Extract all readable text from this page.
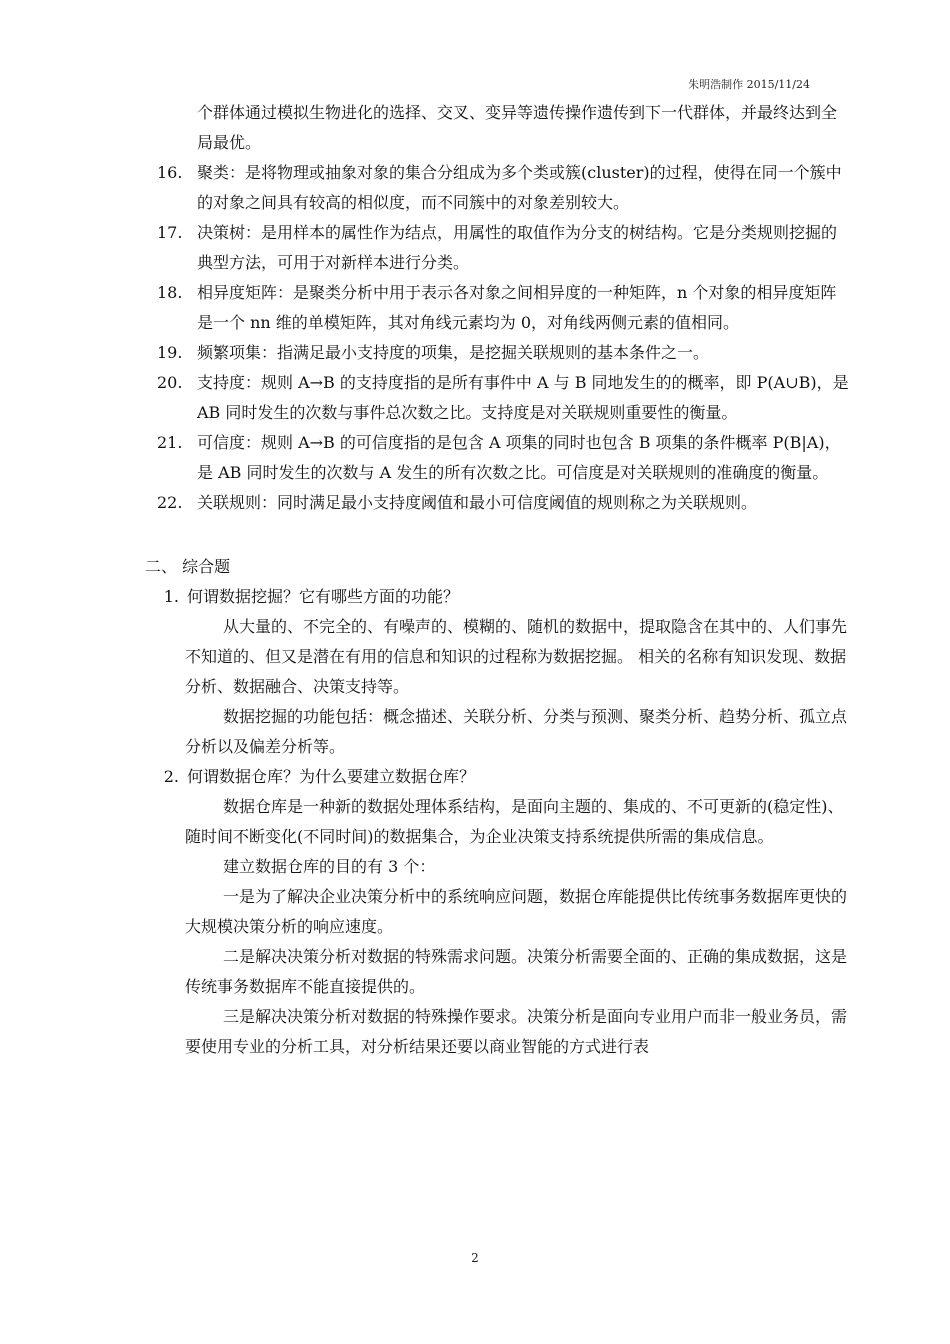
朱明浩制作 2015/11/24
个群体通过模拟生物进化的选择、交叉、变异等遗传操作遗传到下一代群体，并最终达到全局最优。
16. 聚类：是将物理或抽象对象的集合分组成为多个类或簇(cluster)的过程，使得在同一个簇中的对象之间具有较高的相似度，而不同簇中的对象差别较大。
17. 决策树：是用样本的属性作为结点，用属性的取值作为分支的树结构。它是分类规则挖掘的典型方法，可用于对新样本进行分类。
18. 相异度矩阵：是聚类分析中用于表示各对象之间相异度的一种矩阵，n 个对象的相异度矩阵是一个 nn 维的单模矩阵，其对角线元素均为 0，对角线两侧元素的值相同。
19. 频繁项集：指满足最小支持度的项集，是挖掘关联规则的基本条件之一。
20. 支持度：规则 A→B 的支持度指的是所有事件中 A 与 B 同地发生的的概率，即 P(A∪B)，是 AB 同时发生的次数与事件总次数之比。支持度是对关联规则重要性的衡量。
21. 可信度：规则 A→B 的可信度指的是包含 A 项集的同时也包含 B 项集的条件概率 P(B|A)，是 AB 同时发生的次数与 A 发生的所有次数之比。可信度是对关联规则的准确度的衡量。
22. 关联规则：同时满足最小支持度阈值和最小可信度阈值的规则称之为关联规则。
二、 综合题
1. 何谓数据挖掘？它有哪些方面的功能？
从大量的、不完全的、有噪声的、模糊的、随机的数据中，提取隐含在其中的、人们事先不知道的、但又是潜在有用的信息和知识的过程称为数据挖掘。 相关的名称有知识发现、数据分析、数据融合、决策支持等。
数据挖掘的功能包括：概念描述、关联分析、分类与预测、聚类分析、趋势分析、孤立点分析以及偏差分析等。
2. 何谓数据仓库？为什么要建立数据仓库？
数据仓库是一种新的数据处理体系结构，是面向主题的、集成的、不可更新的(稳定性)、随时间不断变化(不同时间)的数据集合，为企业决策支持系统提供所需的集成信息。
建立数据仓库的目的有 3 个：
一是为了解决企业决策分析中的系统响应问题，数据仓库能提供比传统事务数据库更快的大规模决策分析的响应速度。
二是解决决策分析对数据的特殊需求问题。决策分析需要全面的、正确的集成数据，这是传统事务数据库不能直接提供的。
三是解决决策分析对数据的特殊操作要求。决策分析是面向专业用户而非一般业务员，需要使用专业的分析工具，对分析结果还要以商业智能的方式进行表
2
